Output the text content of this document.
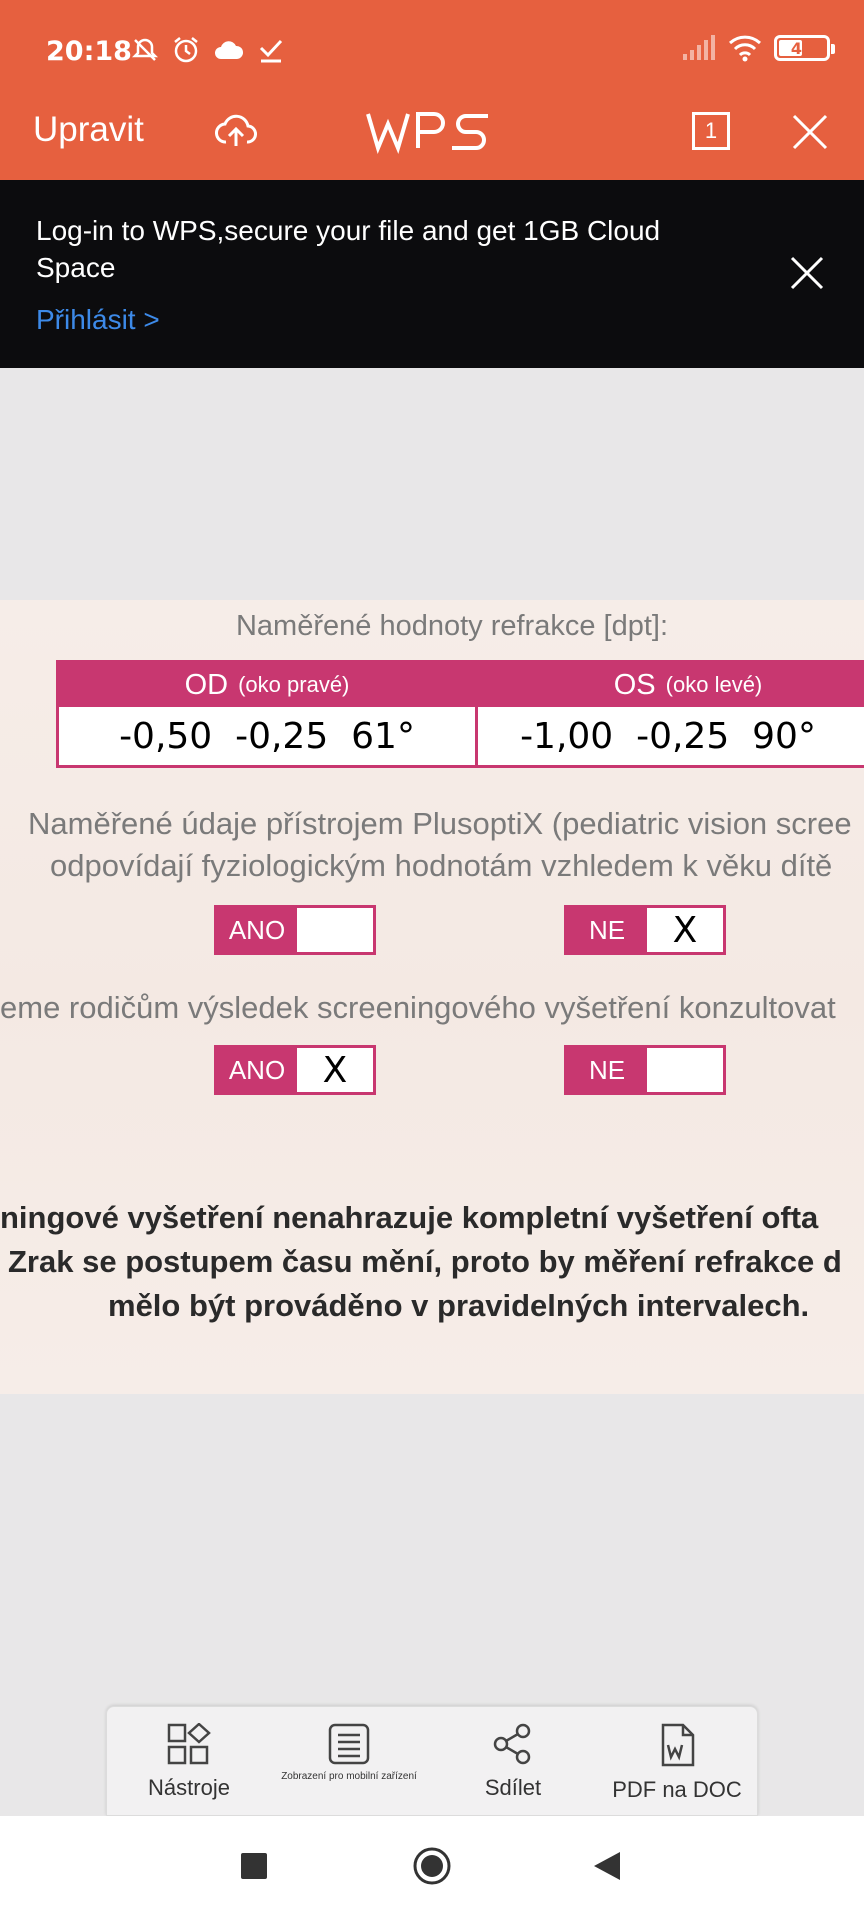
20:18	46
Upravit	1
Log-in to WPS,secure your file and get 1GB Cloud Space
Přihlásit >
Naměřené hodnoty refrakce [dpt]:
OD (oko pravé)	OS (oko levé)
-0,50  -0,25  61°	-1,00  -0,25  90°
Naměřené údaje přístrojem PlusoptiX (pediatric vision scree
odpovídají fyziologickým hodnotám vzhledem k věku dítě
ANO	NE	X
eme rodičům výsledek screeningového vyšetření konzultovat
ANO	X	NE
ningové vyšetření nenahrazuje kompletní vyšetření ofta
Zrak se postupem času mění, proto by měření refrakce d
mělo být prováděno v pravidelných intervalech.
Nástroje	Zobrazení pro mobilní zařízení	Sdílet	PDF na DOC
